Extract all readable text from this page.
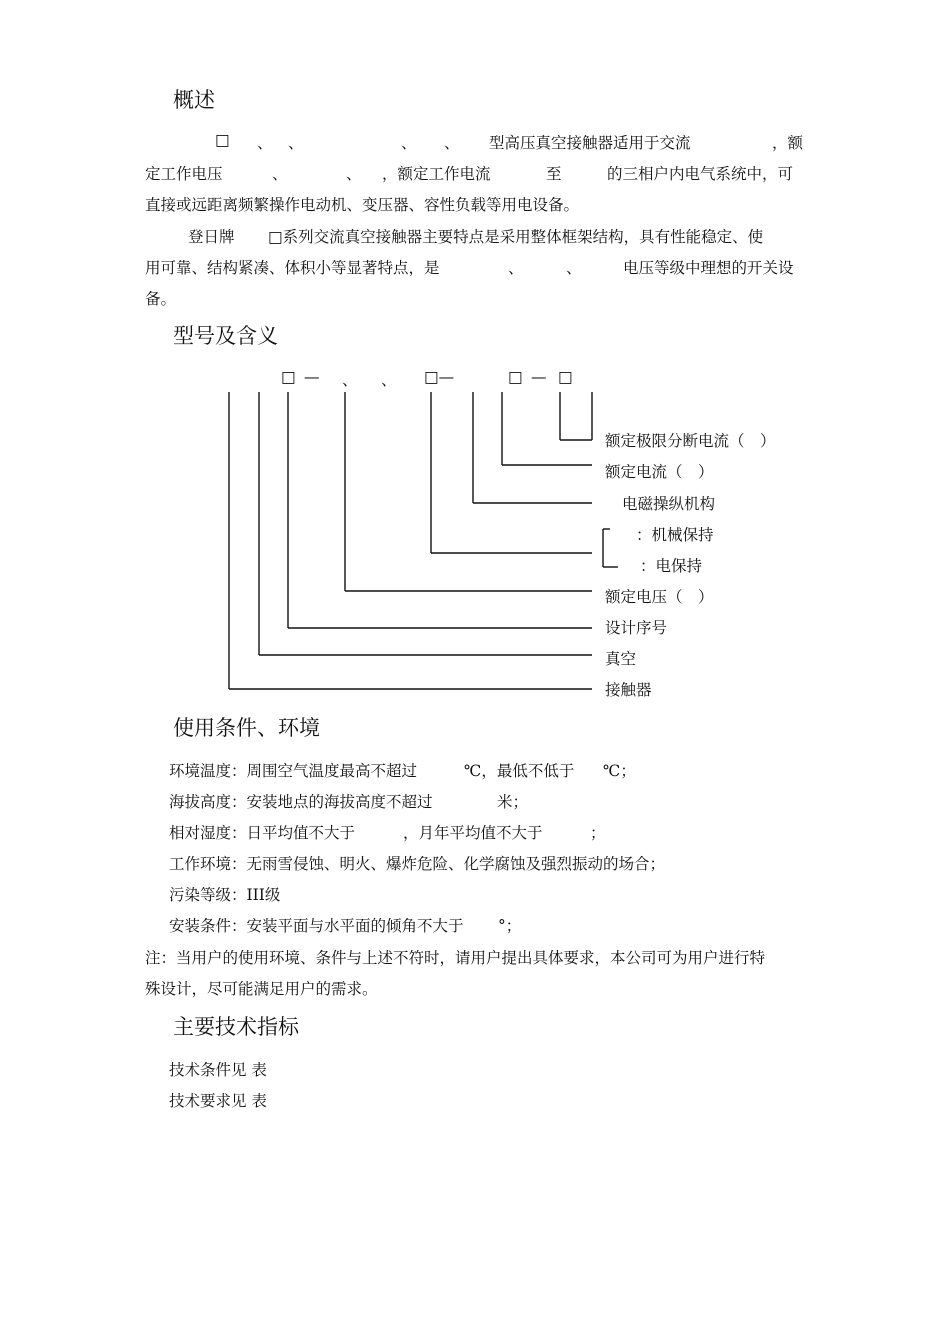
概述
□ 、 、	、 、 型高压真空接触器适用于交流	，额
定工作电压	、	、 ，额定工作电流	至	的三相户内电气系统中，可
直接或远距离频繁操作电动机、变压器、容性负载等用电设备。
登日牌 □系列交流真空接触器主要特点是采用整体框架结构，具有性能稳定、使
用可靠、结构紧凑、体积小等显著特点，是	、	、	电压等级中理想的开关设
备。
型号及含义
□ — 、 、 □—	□ — □
额定极限分断电流（　）
额定电流（　）
电磁操纵机构
：机械保持
：电保持
额定电压（　）
设计序号
真空
接触器
使用条件、环境
环境温度：周围空气温度最高不超过	℃，最低不低于 ℃；
海拔高度：安装地点的海拔高度不超过	米；
相对湿度：日平均值不大于	，月年平均值不大于	；
工作环境：无雨雪侵蚀、明火、爆炸危险、化学腐蚀及强烈振动的场合；
污染等级：III级
安装条件：安装平面与水平面的倾角不大于 °；
注：当用户的使用环境、条件与上述不符时，请用户提出具体要求，本公司可为用户进行特
殊设计，尽可能满足用户的需求。
主要技术指标
技术条件见 表
技术要求见 表
